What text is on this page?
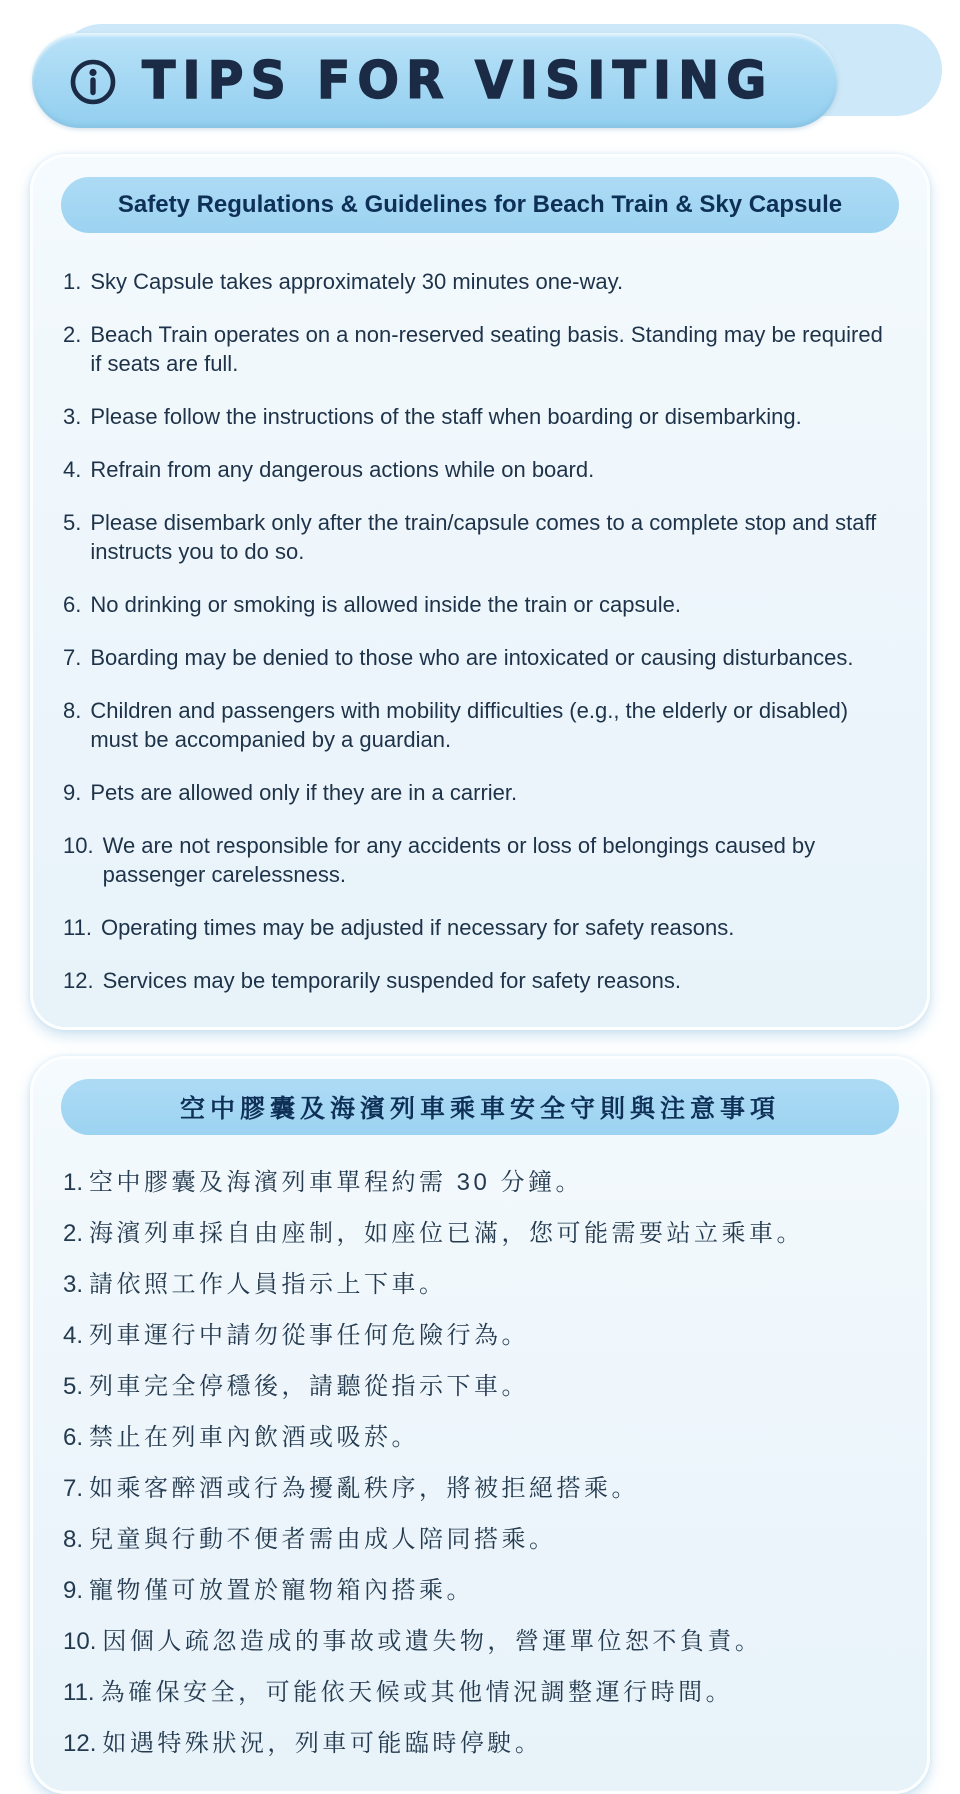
TIPS FOR VISITING
Safety Regulations & Guidelines for Beach Train & Sky Capsule
1. Sky Capsule takes approximately 30 minutes one-way.
2. Beach Train operates on a non-reserved seating basis. Standing may be required if seats are full.
3. Please follow the instructions of the staff when boarding or disembarking.
4. Refrain from any dangerous actions while on board.
5. Please disembark only after the train/capsule comes to a complete stop and staff instructs you to do so.
6. No drinking or smoking is allowed inside the train or capsule.
7. Boarding may be denied to those who are intoxicated or causing disturbances.
8. Children and passengers with mobility difficulties (e.g., the elderly or disabled) must be accompanied by a guardian.
9. Pets are allowed only if they are in a carrier.
10. We are not responsible for any accidents or loss of belongings caused by passenger carelessness.
11. Operating times may be adjusted if necessary for safety reasons.
12. Services may be temporarily suspended for safety reasons.
空中膠囊及海濱列車乘車安全守則與注意事項
1. 空中膠囊及海濱列車單程約需 30 分鐘。
2. 海濱列車採自由座制，如座位已滿，您可能需要站立乘車。
3. 請依照工作人員指示上下車。
4. 列車運行中請勿從事任何危險行為。
5. 列車完全停穩後，請聽從指示下車。
6. 禁止在列車內飲酒或吸菸。
7. 如乘客醉酒或行為擾亂秩序，將被拒絕搭乘。
8. 兒童與行動不便者需由成人陪同搭乘。
9. 寵物僅可放置於寵物箱內搭乘。
10. 因個人疏忽造成的事故或遺失物，營運單位恕不負責。
11. 為確保安全，可能依天候或其他情況調整運行時間。
12. 如遇特殊狀況，列車可能臨時停駛。
